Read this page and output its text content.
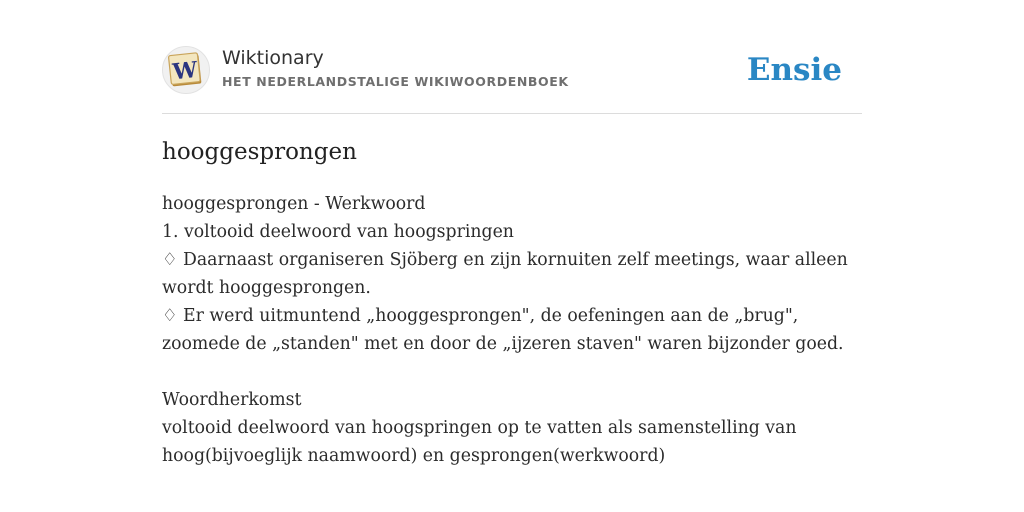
W Wiktionary
HET NEDERLANDSTALIGE WIKIWOORDENBOEK	Ensie
hooggesprongen
hooggesprongen - Werkwoord
1. voltooid deelwoord van hoogspringen
♢ Daarnaast organiseren Sjöberg en zijn kornuiten zelf meetings, waar alleen wordt hooggesprongen.
♢ Er werd uitmuntend „hooggesprongen", de oefeningen aan de „brug", zoomede de „standen" met en door de „ijzeren staven" waren bijzonder goed.
Woordherkomst
voltooid deelwoord van hoogspringen op te vatten als samenstelling van hoog(bijvoeglijk naamwoord) en gesprongen(werkwoord)
